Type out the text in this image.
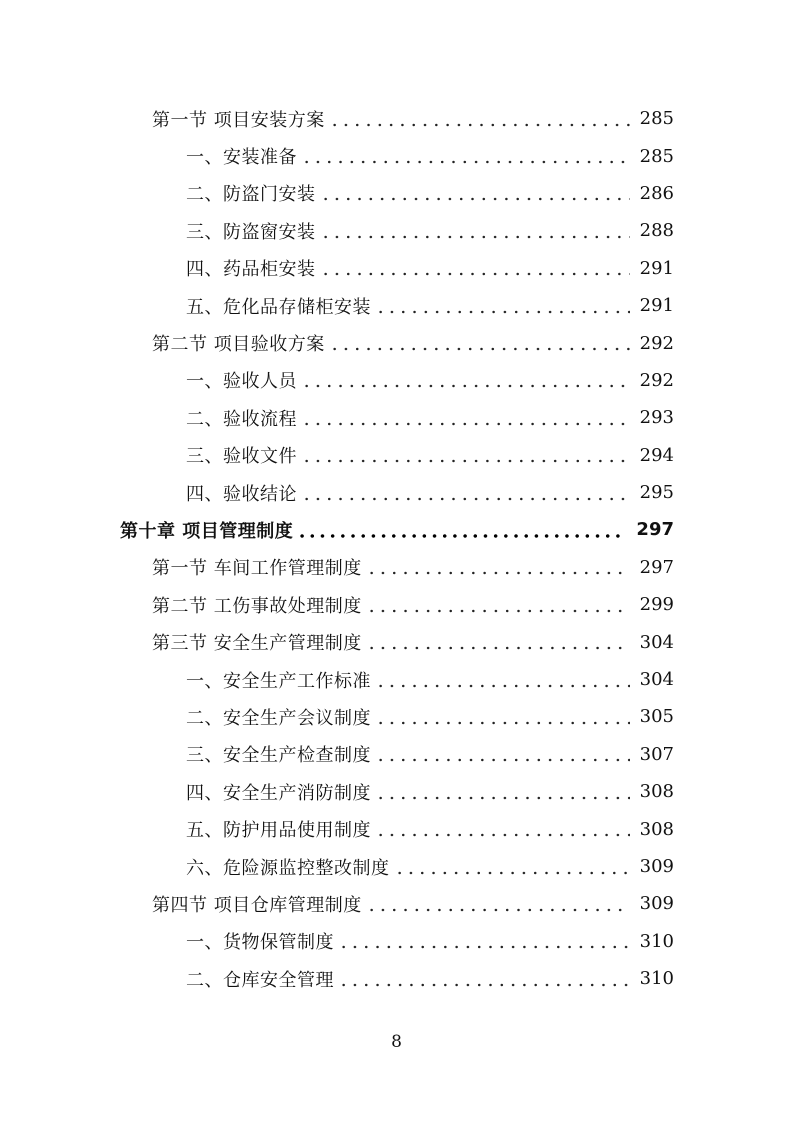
第一节 项目安装方案	285
一、安装准备	285
二、防盗门安装	286
三、防盗窗安装	288
四、药品柜安装	291
五、危化品存储柜安装	291
第二节 项目验收方案	292
一、验收人员	292
二、验收流程	293
三、验收文件	294
四、验收结论	295
第十章 项目管理制度	297
第一节 车间工作管理制度	297
第二节 工伤事故处理制度	299
第三节 安全生产管理制度	304
一、安全生产工作标准	304
二、安全生产会议制度	305
三、安全生产检查制度	307
四、安全生产消防制度	308
五、防护用品使用制度	308
六、危险源监控整改制度	309
第四节 项目仓库管理制度	309
一、货物保管制度	310
二、仓库安全管理	310
8
